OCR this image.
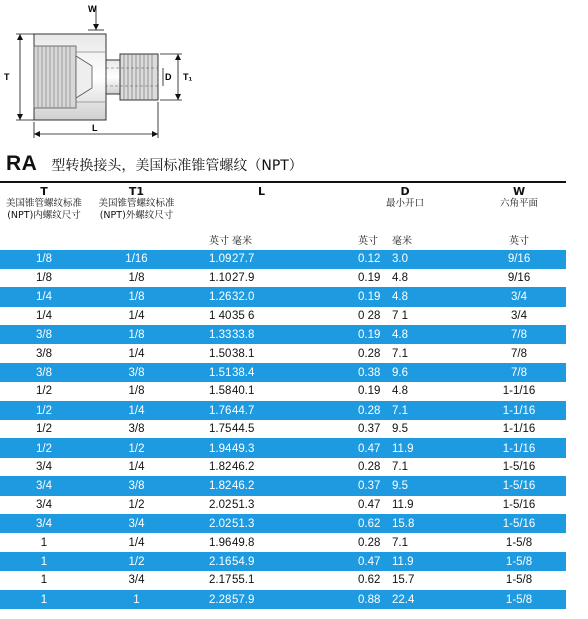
W
T	T₁
D
L
RA 型转换接头，美国标准锥管螺纹（NPT）
T	T1	L		D		W
美国锥管螺纹标准
(NPT)内螺纹尺寸	美国锥管螺纹标准
(NPT)外螺纹尺寸			最小开口		六角平面
		英寸	毫米	英寸	毫米	英寸
1/8	1/16	1.09	27.7	0.12	3.0	9/16
1/8	1/8	1.10	27.9	0.19	4.8	9/16
1/4	1/8	1.26	32.0	0.19	4.8	3/4
1/4	1/4	1 40	35 6	0 28	7 1	3/4
3/8	1/8	1.33	33.8	0.19	4.8	7/8
3/8	1/4	1.50	38.1	0.28	7.1	7/8
3/8	3/8	1.51	38.4	0.38	9.6	7/8
1/2	1/8	1.58	40.1	0.19	4.8	1-1/16
1/2	1/4	1.76	44.7	0.28	7.1	1-1/16
1/2	3/8	1.75	44.5	0.37	9.5	1-1/16
1/2	1/2	1.94	49.3	0.47	11.9	1-1/16
3/4	1/4	1.82	46.2	0.28	7.1	1-5/16
3/4	3/8	1.82	46.2	0.37	9.5	1-5/16
3/4	1/2	2.02	51.3	0.47	11.9	1-5/16
3/4	3/4	2.02	51.3	0.62	15.8	1-5/16
1	1/4	1.96	49.8	0.28	7.1	1-5/8
1	1/2	2.16	54.9	0.47	11.9	1-5/8
1	3/4	2.17	55.1	0.62	15.7	1-5/8
1	1	2.28	57.9	0.88	22.4	1-5/8
